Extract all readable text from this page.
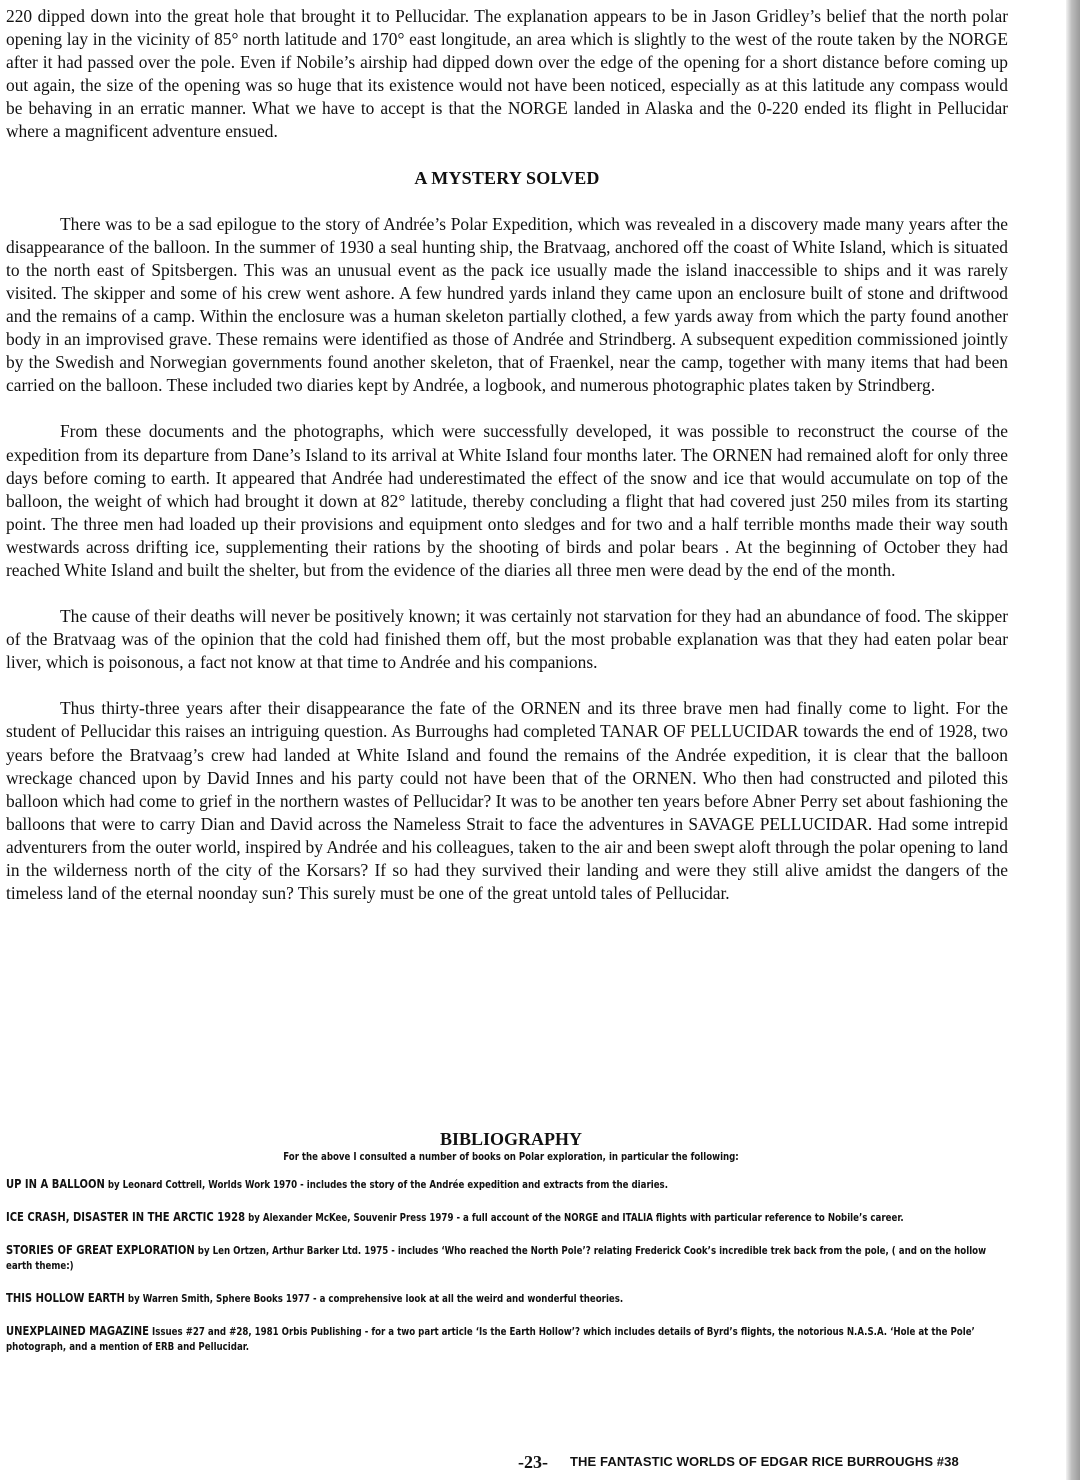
220 dipped down into the great hole that brought it to Pellucidar. The explanation appears to be in Jason Gridley’s belief that the north polar opening lay in the vicinity of 85° north latitude and 170° east longitude, an area which is slightly to the west of the route taken by the NORGE after it had passed over the pole. Even if Nobile’s airship had dipped down over the edge of the opening for a short distance before coming up out again, the size of the opening was so huge that its existence would not have been noticed, especially as at this latitude any compass would be behaving in an erratic manner. What we have to accept is that the NORGE landed in Alaska and the 0-220 ended its flight in Pellucidar where a magnificent adventure ensued.

A MYSTERY SOLVED

There was to be a sad epilogue to the story of Andrée’s Polar Expedition, which was revealed in a discovery made many years after the disappearance of the balloon. In the summer of 1930 a seal hunting ship, the Bratvaag, anchored off the coast of White Island, which is situated to the north east of Spitsbergen. This was an unusual event as the pack ice usually made the island inaccessible to ships and it was rarely visited. The skipper and some of his crew went ashore. A few hundred yards inland they came upon an enclosure built of stone and driftwood and the remains of a camp. Within the enclosure was a human skeleton partially clothed, a few yards away from which the party found another body in an improvised grave. These remains were identified as those of Andrée and Strindberg. A subsequent expedition commissioned jointly by the Swedish and Norwegian governments found another skeleton, that of Fraenkel, near the camp, together with many items that had been carried on the balloon. These included two diaries kept by Andrée, a logbook, and numerous photographic plates taken by Strindberg.

From these documents and the photographs, which were successfully developed, it was possible to reconstruct the course of the expedition from its departure from Dane’s Island to its arrival at White Island four months later. The ORNEN had remained aloft for only three days before coming to earth. It appeared that Andrée had underestimated the effect of the snow and ice that would accumulate on top of the balloon, the weight of which had brought it down at 82° latitude, thereby concluding a flight that had covered just 250 miles from its starting point. The three men had loaded up their provisions and equipment onto sledges and for two and a half terrible months made their way south westwards across drifting ice, supplementing their rations by the shooting of birds and polar bears . At the beginning of October they had reached White Island and built the shelter, but from the evidence of the diaries all three men were dead by the end of the month.

The cause of their deaths will never be positively known; it was certainly not starvation for they had an abundance of food. The skipper of the Bratvaag was of the opinion that the cold had finished them off, but the most probable explanation was that they had eaten polar bear liver, which is poisonous, a fact not know at that time to Andrée and his companions.

Thus thirty-three years after their disappearance the fate of the ORNEN and its three brave men had finally come to light. For the student of Pellucidar this raises an intriguing question. As Burroughs had completed TANAR OF PELLUCIDAR towards the end of 1928, two years before the Bratvaag’s crew had landed at White Island and found the remains of the Andrée expedition, it is clear that the balloon wreckage chanced upon by David Innes and his party could not have been that of the ORNEN. Who then had constructed and piloted this balloon which had come to grief in the northern wastes of Pellucidar? It was to be another ten years before Abner Perry set about fashioning the balloons that were to carry Dian and David across the Nameless Strait to face the adventures in SAVAGE PELLUCIDAR. Had some intrepid adventurers from the outer world, inspired by Andrée and his colleagues, taken to the air and been swept aloft through the polar opening to land in the wilderness north of the city of the Korsars? If so had they survived their landing and were they still alive amidst the dangers of the timeless land of the eternal noonday sun? This surely must be one of the great untold tales of Pellucidar.

BIBLIOGRAPHY
For the above I consulted a number of books on Polar exploration, in particular the following:
UP IN A BALLOON by Leonard Cottrell, Worlds Work 1970 - includes the story of the Andrée expedition and extracts from the diaries.
ICE CRASH, DISASTER IN THE ARCTIC 1928 by Alexander McKee, Souvenir Press 1979 - a full account of the NORGE and ITALIA flights with particular reference to Nobile’s career.
STORIES OF GREAT EXPLORATION by Len Ortzen, Arthur Barker Ltd. 1975 - includes ‘Who reached the North Pole’? relating Frederick Cook’s incredible trek back from the pole, ( and on the hollow earth theme:)
THIS HOLLOW EARTH by Warren Smith, Sphere Books 1977 - a comprehensive look at all the weird and wonderful theories.
UNEXPLAINED MAGAZINE Issues #27 and #28, 1981 Orbis Publishing - for a two part article ‘Is the Earth Hollow’? which includes details of Byrd’s flights, the notorious N.A.S.A. ‘Hole at the Pole’ photograph, and a mention of ERB and Pellucidar.
-23- THE FANTASTIC WORLDS OF EDGAR RICE BURROUGHS #38
